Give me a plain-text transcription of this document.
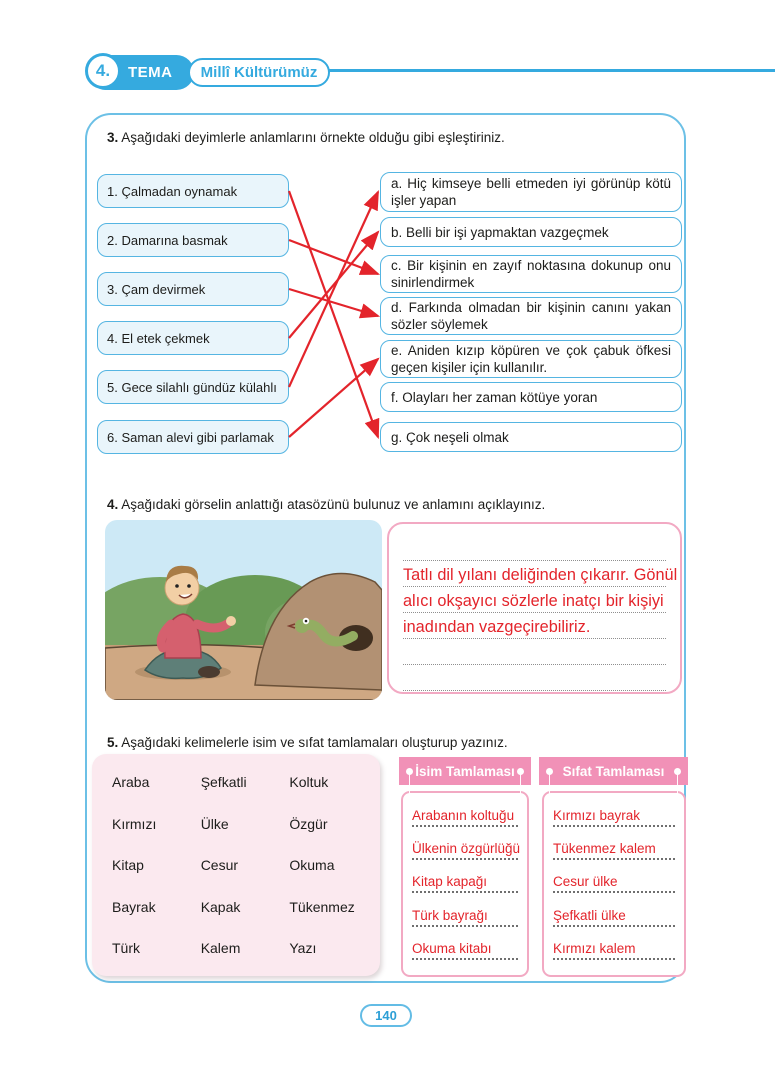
TEMA
4.	Millî Kültürümüz
3. Aşağıdaki deyimlerle anlamlarını örnekte olduğu gibi eşleştiriniz.
1. Çalmadan oynamak
2. Damarına basmak
3. Çam devirmek
4. El etek çekmek
5. Gece silahlı gündüz külahlı
6. Saman alevi gibi parlamak
a. Hiç kimseye belli etmeden iyi görünüp kötü işler yapan
b. Belli bir işi yapmaktan vazgeçmek
c. Bir kişinin en zayıf noktasına dokunup onu sinirlendirmek
d. Farkında olmadan bir kişinin canını yakan sözler söylemek
e. Aniden kızıp köpüren ve çok çabuk öfkesi geçen kişiler için kullanılır.
f. Olayları her zaman kötüye yoran
g. Çok neşeli olmak
4. Aşağıdaki görselin anlattığı atasözünü bulunuz ve anlamını açıklayınız.
Tatlı dil yılanı deliğinden çıkarır. Gönül
alıcı okşayıcı sözlerle inatçı bir kişiyi
inadından vazgeçirebiliriz.
5. Aşağıdaki kelimelerle isim ve sıfat tamlamaları oluşturup yazınız.
Araba	Şefkatli	Koltuk
Kırmızı	Ülke	Özgür
Kitap	Cesur	Okuma
Bayrak	Kapak	Tükenmez
Türk	Kalem	Yazı
İsim Tamlaması
Arabanın koltuğu
Ülkenin özgürlüğü
Kitap kapağı
Türk bayrağı
Okuma kitabı
Sıfat Tamlaması
Kırmızı bayrak
Tükenmez kalem
Cesur ülke
Şefkatli ülke
Kırmızı kalem
140
